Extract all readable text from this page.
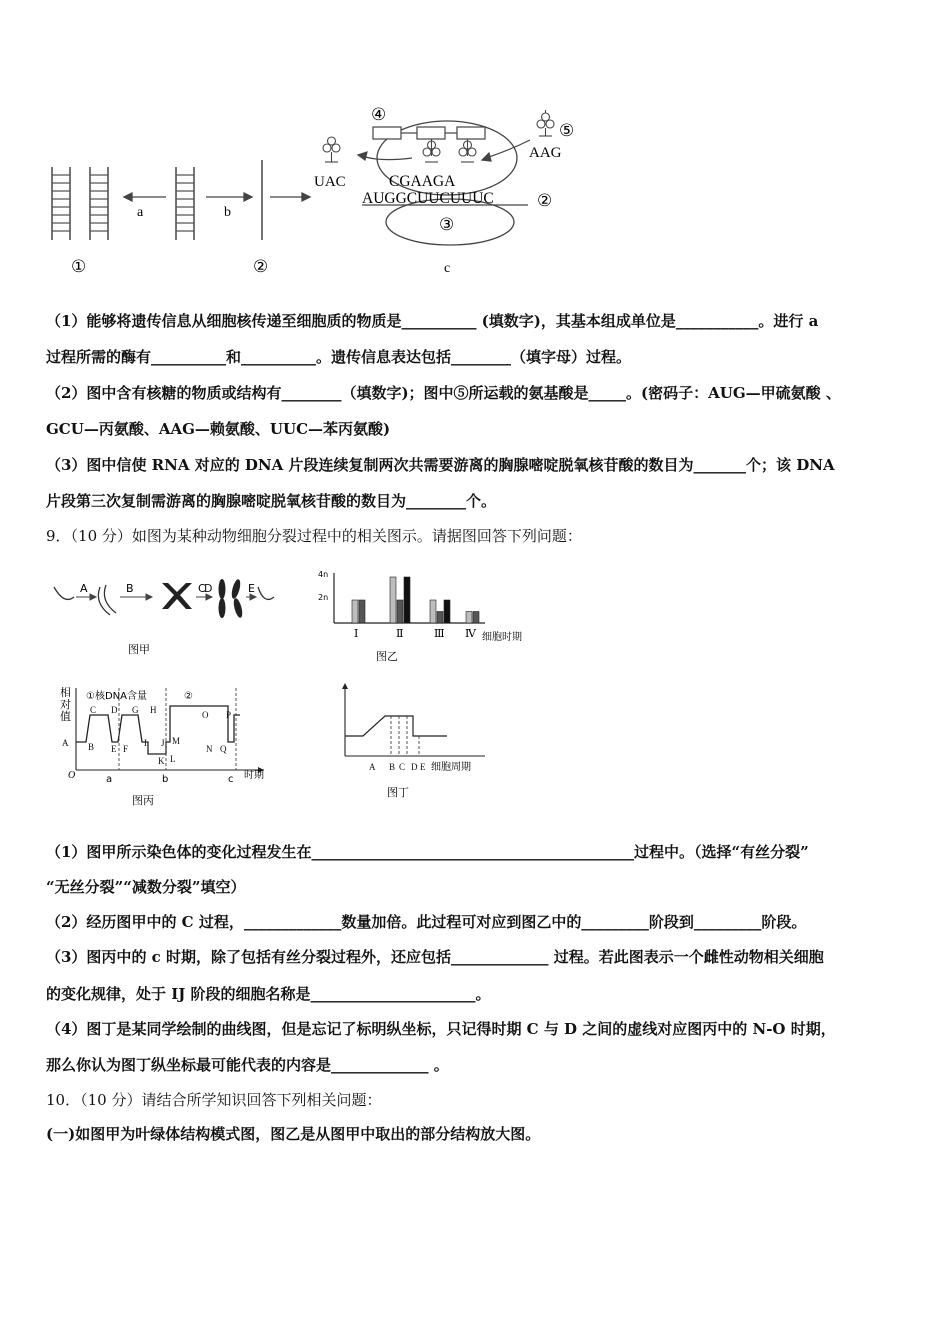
a	b
c
①	②
AUGGCUUCUUUC
CGAAGA
②
③
④
⑤
UAC
AAG
（1）能够将遗传信息从细胞核传递至细胞质的物质是__________ (填数字)，其基本组成单位是___________。进行 a
过程所需的酶有__________和__________。遗传信息表达包括________（填字母）过程。
（2）图中含有核糖的物质或结构有________（填数字)；图中⑤所运载的氨基酸是_____。(密码子：AUG—甲硫氨酸 、
GCU—丙氨酸、AAG—赖氨酸、UUC—苯丙氨酸)
（3）图中信使 RNA 对应的 DNA 片段连续复制两次共需要游离的胸腺嘧啶脱氧核苷酸的数目为_______个；该 DNA
片段第三次复制需游离的胸腺嘧啶脱氧核苷酸的数目为________个。
9．（10 分）如图为某种动物细胞分裂过程中的相关图示。请据图回答下列问题：
A	B	C	E
图甲
D
4n
2n
Ⅰ	Ⅱ	Ⅲ Ⅳ 细胞时期
图乙
相
对
值
①核DNA含量	②
A B
C D
E F
G H
I J
K L
M
N
O P
Q
O	a	b	c 时期
图丙
A B C D E 细胞周期
图丁
（1）图甲所示染色体的变化过程发生在___________________________________________过程中。（选择“有丝分裂”
“无丝分裂”“减数分裂”填空）
（2）经历图甲中的 C 过程，_____________数量加倍。此过程可对应到图乙中的_________阶段到_________阶段。
（3）图丙中的 c 时期，除了包括有丝分裂过程外，还应包括_____________ 过程。若此图表示一个雌性动物相关细胞
的变化规律，处于 IJ 阶段的细胞名称是______________________。
（4）图丁是某同学绘制的曲线图，但是忘记了标明纵坐标，只记得时期 C 与 D 之间的虚线对应图丙中的 N-O 时期，
那么你认为图丁纵坐标最可能代表的内容是_____________ 。
10．（10 分）请结合所学知识回答下列相关问题：
(一)如图甲为叶绿体结构模式图，图乙是从图甲中取出的部分结构放大图。
